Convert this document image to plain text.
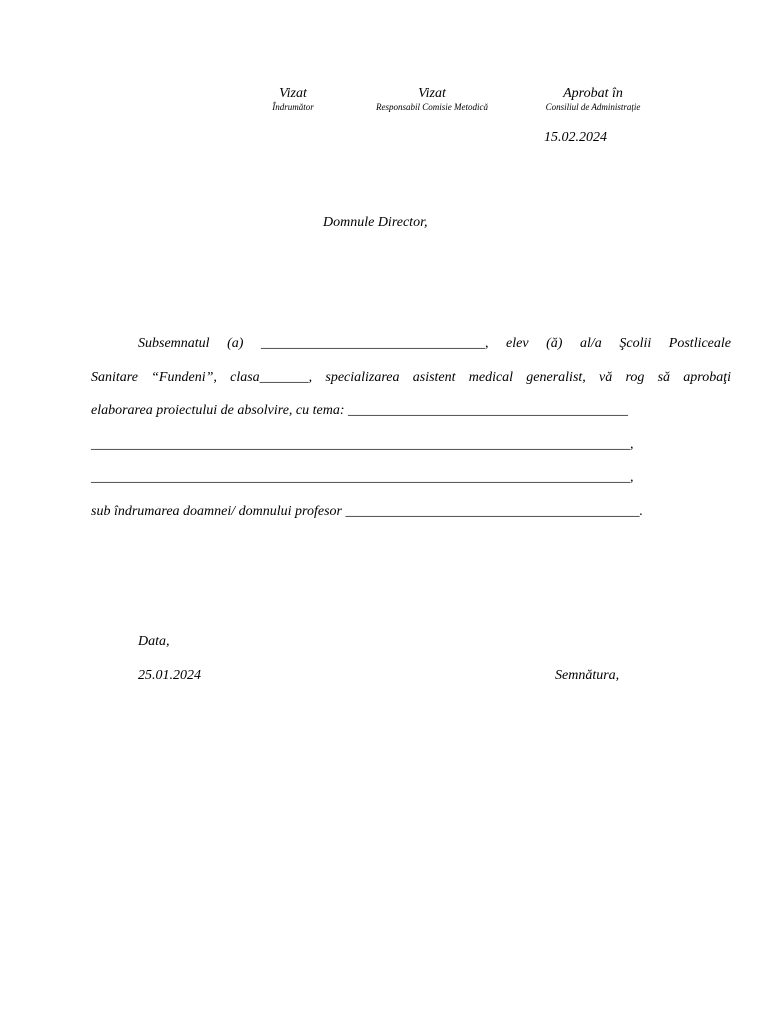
Vizat
Îndrumător
Vizat
Responsabil Comisie Metodică
Aprobat în
Consiliul de Administrație
15.02.2024
Domnule Director,
Subsemnatul (a) ________________________________, elev (ă) al/a Şcolii Postliceale
Sanitare “Fundeni”, clasa_______, specializarea asistent medical generalist, vă rog să aprobaţi
elaborarea proiectului de absolvire, cu tema: ________________________________________
_____________________________________________________________________________,
_____________________________________________________________________________,
sub îndrumarea doamnei/ domnului profesor __________________________________________.
Data,
25.01.2024	Semnătura,
